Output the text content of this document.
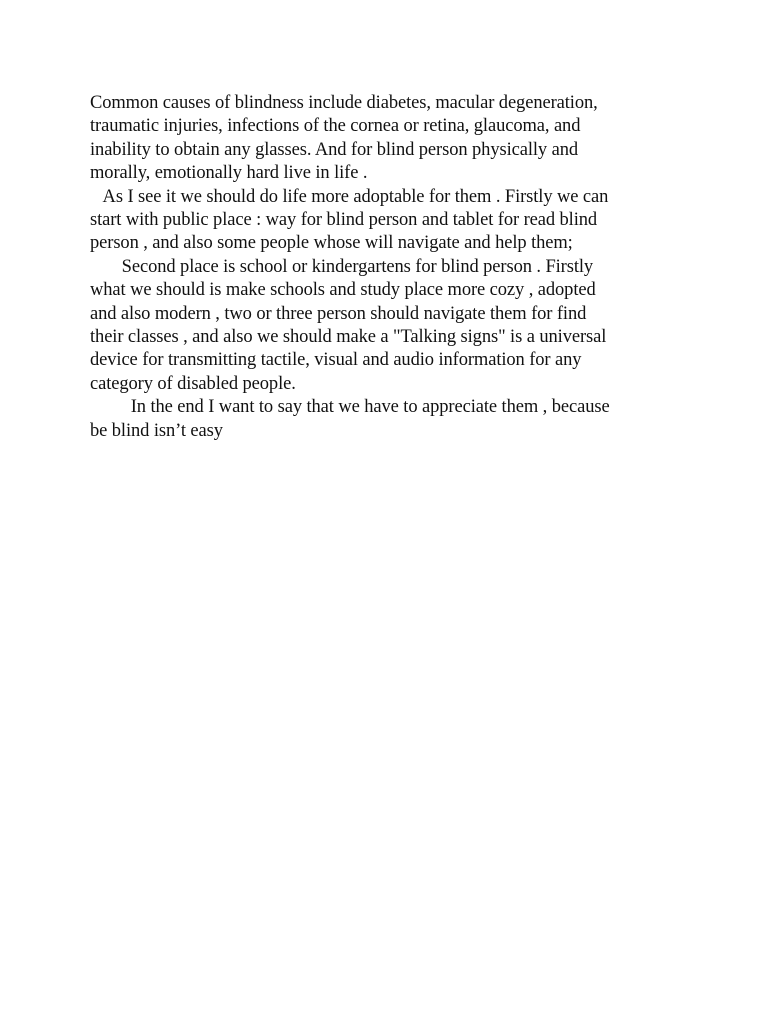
Common causes of blindness include diabetes, macular degeneration,
traumatic injuries, infections of the cornea or retina, glaucoma, and
inability to obtain any glasses. And for blind person physically and
morally, emotionally hard live in life .
As I see it we should do life more adoptable for them . Firstly we can
start with public place : way for blind person and tablet for read blind
person , and also some people whose will navigate and help them;
Second place is school or kindergartens for blind person . Firstly
what we should is make schools and study place more cozy , adopted
and also modern , two or three person should navigate them for find
their classes , and also we should make a "Talking signs" is a universal
device for transmitting tactile, visual and audio information for any
category of disabled people.
In the end I want to say that we have to appreciate them , because
be blind isn’t easy
